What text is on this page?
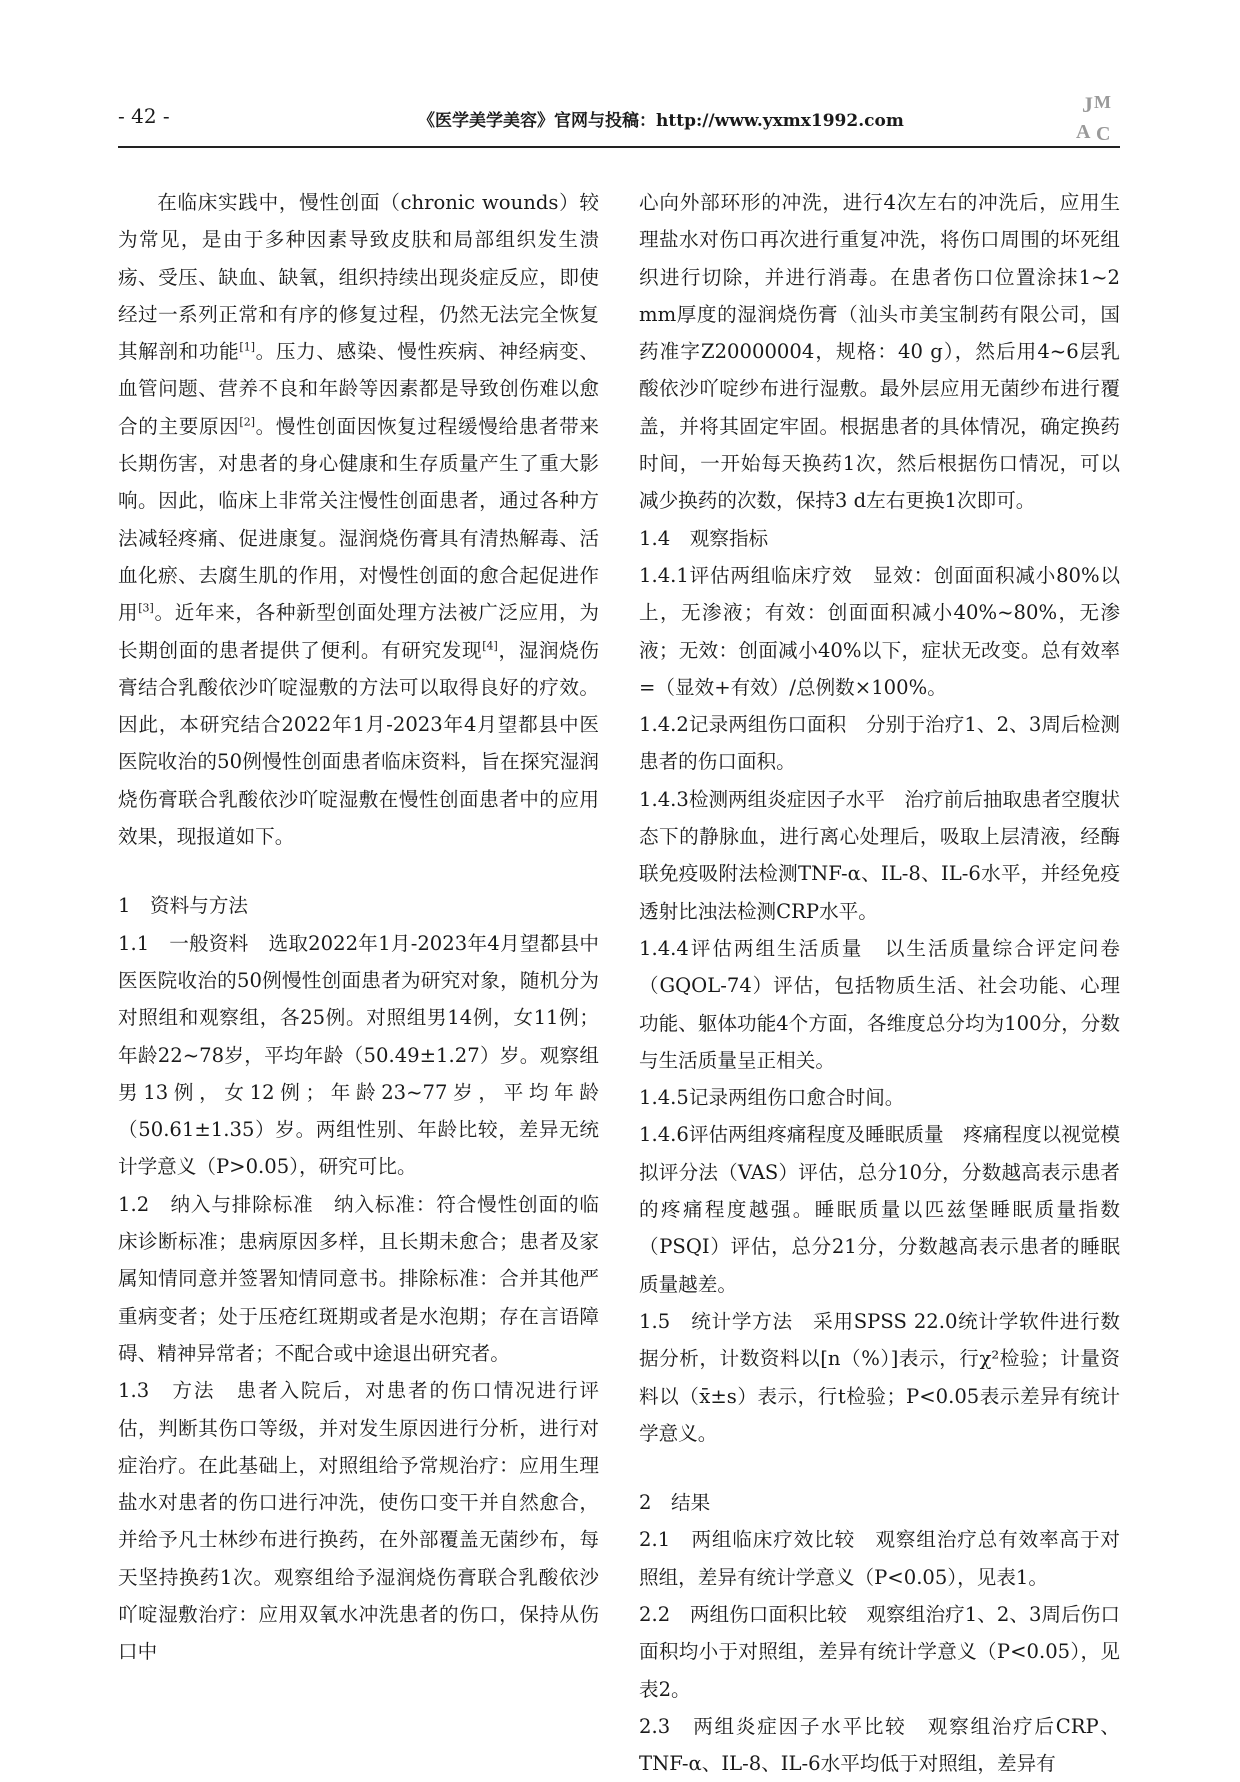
- 42 -	《医学美学美容》官网与投稿：http://www.yxmx1992.com
J M
A C

在临床实践中，慢性创面（chronic wounds）较为常见，是由于多种因素导致皮肤和局部组织发生溃疡、受压、缺血、缺氧，组织持续出现炎症反应，即使经过一系列正常和有序的修复过程，仍然无法完全恢复其解剖和功能[1]。压力、感染、慢性疾病、神经病变、血管问题、营养不良和年龄等因素都是导致创伤难以愈合的主要原因[2]。慢性创面因恢复过程缓慢给患者带来长期伤害，对患者的身心健康和生存质量产生了重大影响。因此，临床上非常关注慢性创面患者，通过各种方法减轻疼痛、促进康复。湿润烧伤膏具有清热解毒、活血化瘀、去腐生肌的作用，对慢性创面的愈合起促进作用[3]。近年来，各种新型创面处理方法被广泛应用，为长期创面的患者提供了便利。有研究发现[4]，湿润烧伤膏结合乳酸依沙吖啶湿敷的方法可以取得良好的疗效。因此，本研究结合2022年1月-2023年4月望都县中医医院收治的50例慢性创面患者临床资料，旨在探究湿润烧伤膏联合乳酸依沙吖啶湿敷在慢性创面患者中的应用效果，现报道如下。

1　资料与方法

1.1　一般资料　选取2022年1月-2023年4月望都县中医医院收治的50例慢性创面患者为研究对象，随机分为对照组和观察组，各25例。对照组男14例，女11例；年龄22~78岁，平均年龄（50.49±1.27）岁。观察组男13例，女12例；年龄23~77岁，平均年龄（50.61±1.35）岁。两组性别、年龄比较，差异无统计学意义（P>0.05），研究可比。

1.2　纳入与排除标准　纳入标准：符合慢性创面的临床诊断标准；患病原因多样，且长期未愈合；患者及家属知情同意并签署知情同意书。排除标准：合并其他严重病变者；处于压疮红斑期或者是水泡期；存在言语障碍、精神异常者；不配合或中途退出研究者。

1.3　方法　患者入院后，对患者的伤口情况进行评估，判断其伤口等级，并对发生原因进行分析，进行对症治疗。在此基础上，对照组给予常规治疗：应用生理盐水对患者的伤口进行冲洗，使伤口变干并自然愈合，并给予凡士林纱布进行换药，在外部覆盖无菌纱布，每天坚持换药1次。观察组给予湿润烧伤膏联合乳酸依沙吖啶湿敷治疗：应用双氧水冲洗患者的伤口，保持从伤口中

心向外部环形的冲洗，进行4次左右的冲洗后，应用生理盐水对伤口再次进行重复冲洗，将伤口周围的坏死组织进行切除，并进行消毒。在患者伤口位置涂抹1~2 mm厚度的湿润烧伤膏（汕头市美宝制药有限公司，国药准字Z20000004，规格：40 g），然后用4~6层乳酸依沙吖啶纱布进行湿敷。最外层应用无菌纱布进行覆盖，并将其固定牢固。根据患者的具体情况，确定换药时间，一开始每天换药1次，然后根据伤口情况，可以减少换药的次数，保持3 d左右更换1次即可。

1.4　观察指标

1.4.1评估两组临床疗效　显效：创面面积减小80%以上，无渗液；有效：创面面积减小40%~80%，无渗液；无效：创面减小40%以下，症状无改变。总有效率=（显效+有效）/总例数×100%。

1.4.2记录两组伤口面积　分别于治疗1、2、3周后检测患者的伤口面积。

1.4.3检测两组炎症因子水平　治疗前后抽取患者空腹状态下的静脉血，进行离心处理后，吸取上层清液，经酶联免疫吸附法检测TNF-α、IL-8、IL-6水平，并经免疫透射比浊法检测CRP水平。

1.4.4评估两组生活质量　以生活质量综合评定问卷（GQOL-74）评估，包括物质生活、社会功能、心理功能、躯体功能4个方面，各维度总分均为100分，分数与生活质量呈正相关。

1.4.5记录两组伤口愈合时间。

1.4.6评估两组疼痛程度及睡眠质量　疼痛程度以视觉模拟评分法（VAS）评估，总分10分，分数越高表示患者的疼痛程度越强。睡眠质量以匹兹堡睡眠质量指数（PSQI）评估，总分21分，分数越高表示患者的睡眠质量越差。

1.5　统计学方法　采用SPSS 22.0统计学软件进行数据分析，计数资料以[n（%）]表示，行χ²检验；计量资料以（x̄±s）表示，行t检验；P<0.05表示差异有统计学意义。

2　结果

2.1　两组临床疗效比较　观察组治疗总有效率高于对照组，差异有统计学意义（P<0.05），见表1。

2.2　两组伤口面积比较　观察组治疗1、2、3周后伤口面积均小于对照组，差异有统计学意义（P<0.05），见表2。

2.3　两组炎症因子水平比较　观察组治疗后CRP、TNF-α、IL-8、IL-6水平均低于对照组，差异有
